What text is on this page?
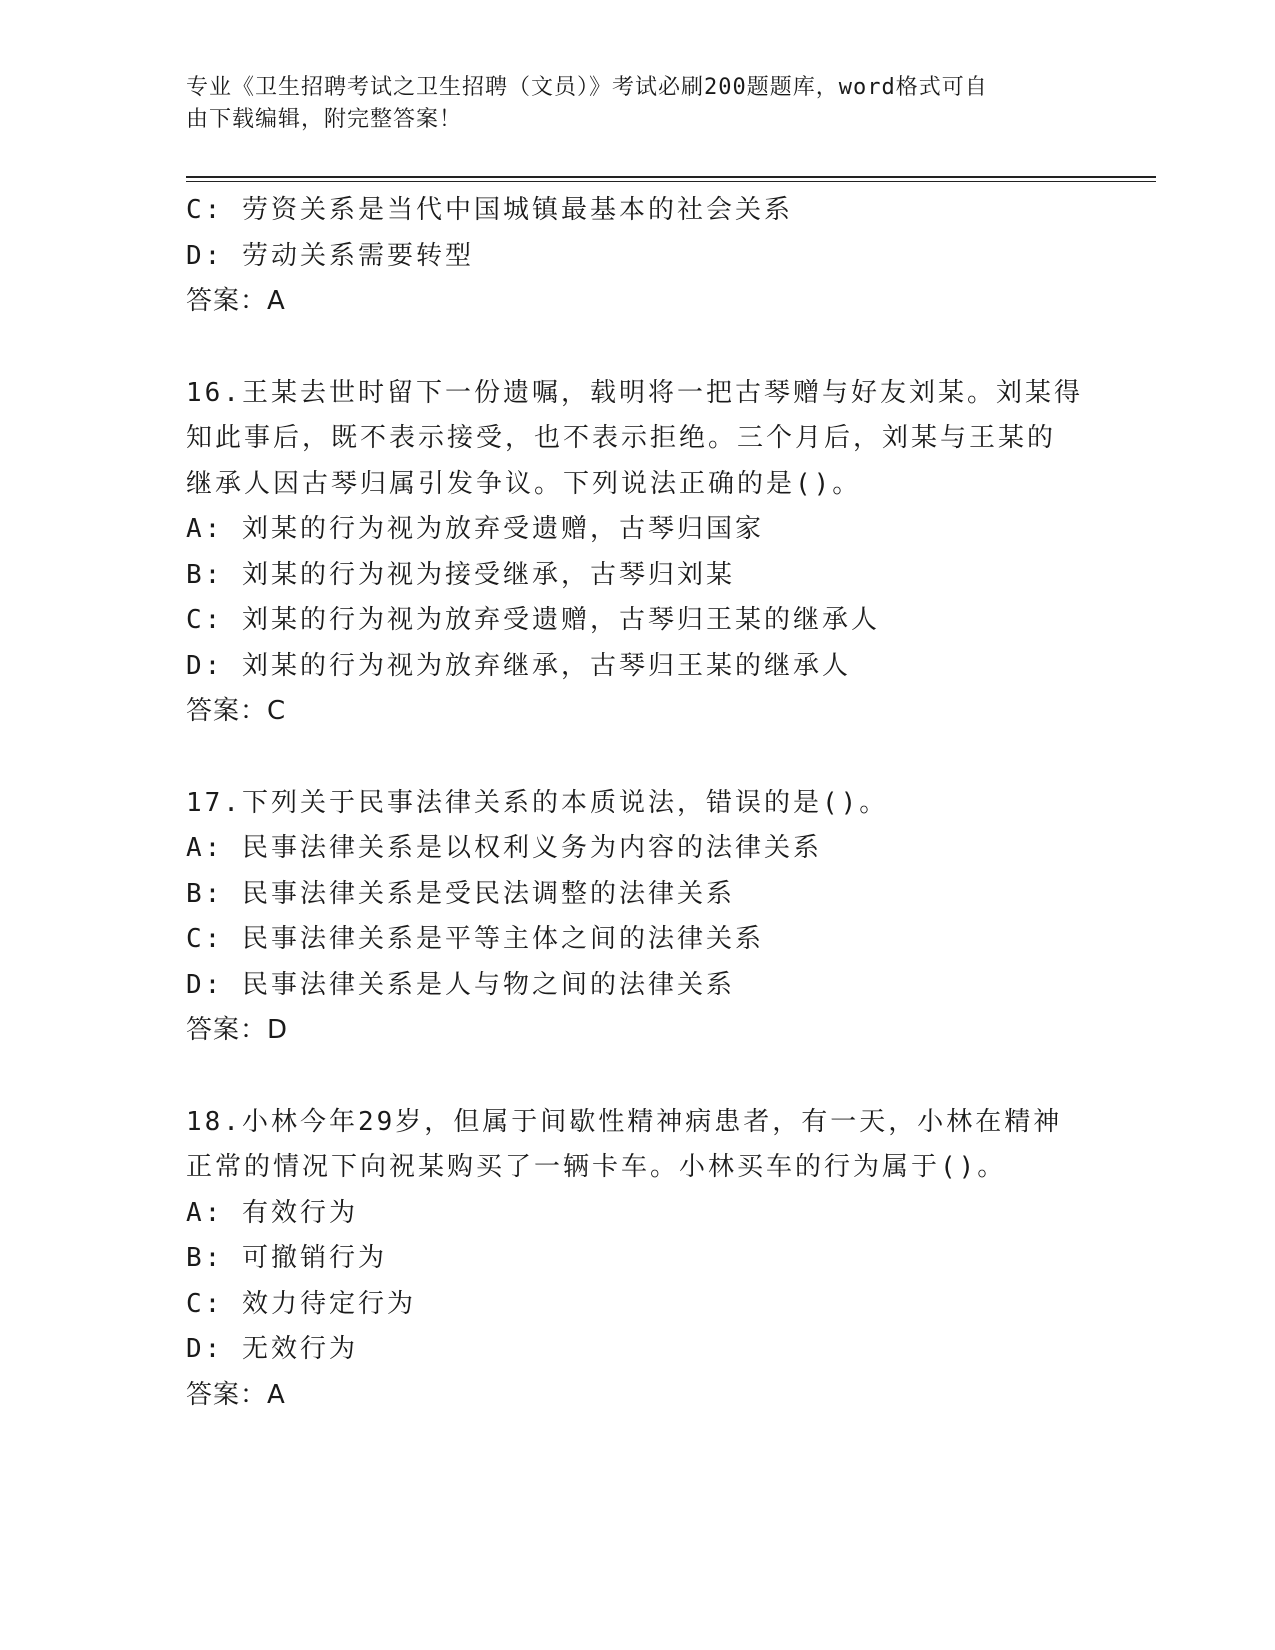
专业《卫生招聘考试之卫生招聘（文员）》考试必刷200题题库，word格式可自
由下载编辑，附完整答案！
C: 劳资关系是当代中国城镇最基本的社会关系
D: 劳动关系需要转型
答案：A
16.王某去世时留下一份遗嘱，载明将一把古琴赠与好友刘某。刘某得
知此事后，既不表示接受，也不表示拒绝。三个月后，刘某与王某的
继承人因古琴归属引发争议。下列说法正确的是()。
A: 刘某的行为视为放弃受遗赠，古琴归国家
B: 刘某的行为视为接受继承，古琴归刘某
C: 刘某的行为视为放弃受遗赠，古琴归王某的继承人
D: 刘某的行为视为放弃继承，古琴归王某的继承人
答案：C
17.下列关于民事法律关系的本质说法，错误的是()。
A: 民事法律关系是以权利义务为内容的法律关系
B: 民事法律关系是受民法调整的法律关系
C: 民事法律关系是平等主体之间的法律关系
D: 民事法律关系是人与物之间的法律关系
答案：D
18.小林今年29岁，但属于间歇性精神病患者，有一天，小林在精神
正常的情况下向祝某购买了一辆卡车。小林买车的行为属于()。
A: 有效行为
B: 可撤销行为
C: 效力待定行为
D: 无效行为
答案：A
